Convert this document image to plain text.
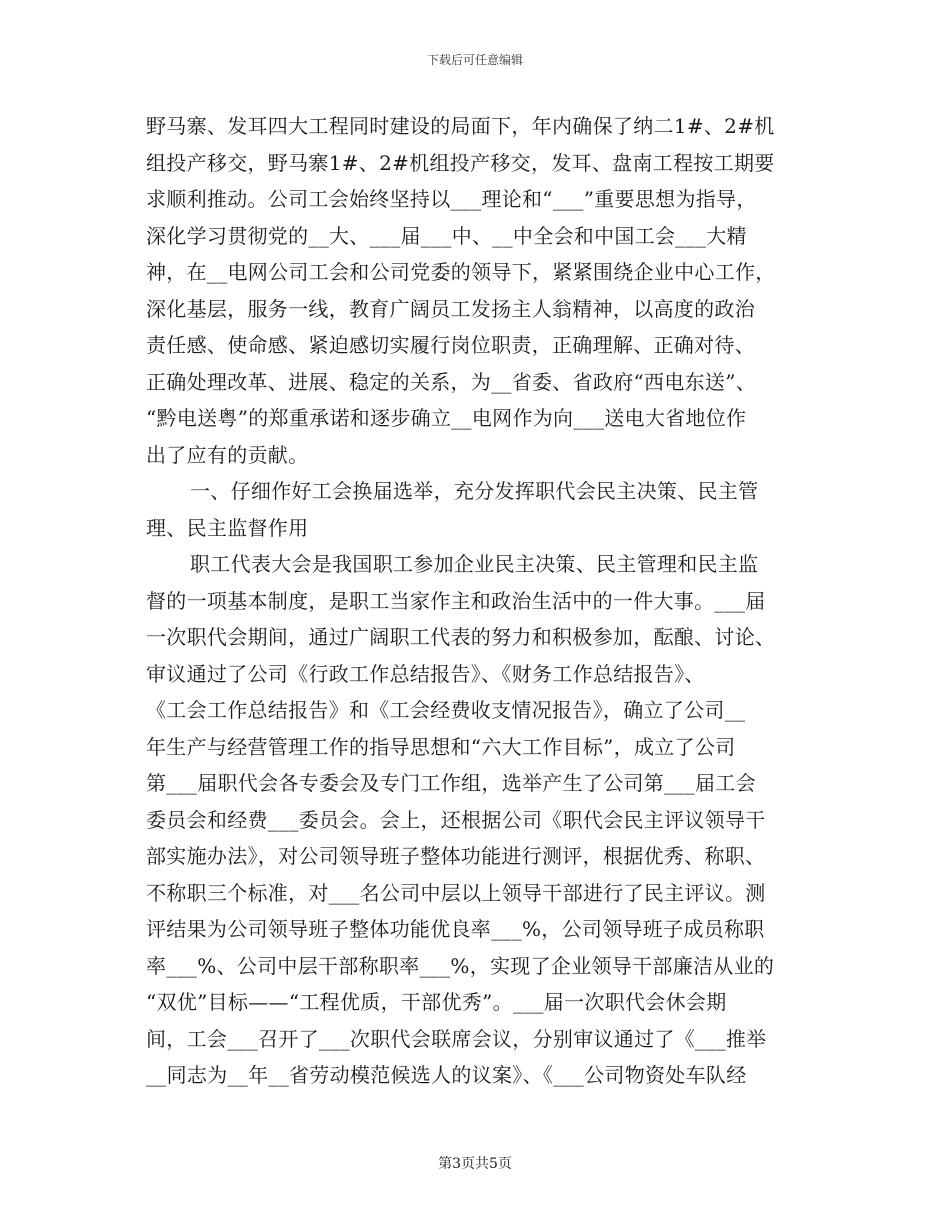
下载后可任意编辑
野马寨、发耳四大工程同时建设的局面下，年内确保了纳二1#、2#机
组投产移交，野马寨1#、2#机组投产移交，发耳、盘南工程按工期要
求顺利推动。公司工会始终坚持以___理论和“___”重要思想为指导，
深化学习贯彻党的__大、___届___中、__中全会和中国工会___大精
神，在__电网公司工会和公司党委的领导下，紧紧围绕企业中心工作，
深化基层，服务一线，教育广阔员工发扬主人翁精神，以高度的政治
责任感、使命感、紧迫感切实履行岗位职责，正确理解、正确对待、
正确处理改革、进展、稳定的关系，为__省委、省政府“西电东送”、
“黔电送粤”的郑重承诺和逐步确立__电网作为向___送电大省地位作
出了应有的贡献。
一、仔细作好工会换届选举，充分发挥职代会民主决策、民主管
理、民主监督作用
职工代表大会是我国职工参加企业民主决策、民主管理和民主监
督的一项基本制度，是职工当家作主和政治生活中的一件大事。___届
一次职代会期间，通过广阔职工代表的努力和积极参加，酝酿、讨论、
审议通过了公司《行政工作总结报告》、《财务工作总结报告》、
《工会工作总结报告》和《工会经费收支情况报告》，确立了公司__
年生产与经营管理工作的指导思想和“六大工作目标”，成立了公司
第___届职代会各专委会及专门工作组，选举产生了公司第___届工会
委员会和经费___委员会。会上，还根据公司《职代会民主评议领导干
部实施办法》，对公司领导班子整体功能进行测评，根据优秀、称职、
不称职三个标准，对___名公司中层以上领导干部进行了民主评议。测
评结果为公司领导班子整体功能优良率___%，公司领导班子成员称职
率___%、公司中层干部称职率___%，实现了企业领导干部廉洁从业的
“双优”目标——“工程优质，干部优秀”。___届一次职代会休会期
间，工会___召开了___次职代会联席会议，分别审议通过了《___推举
__同志为__年__省劳动模范候选人的议案》、《___公司物资处车队经
第3页共5页
